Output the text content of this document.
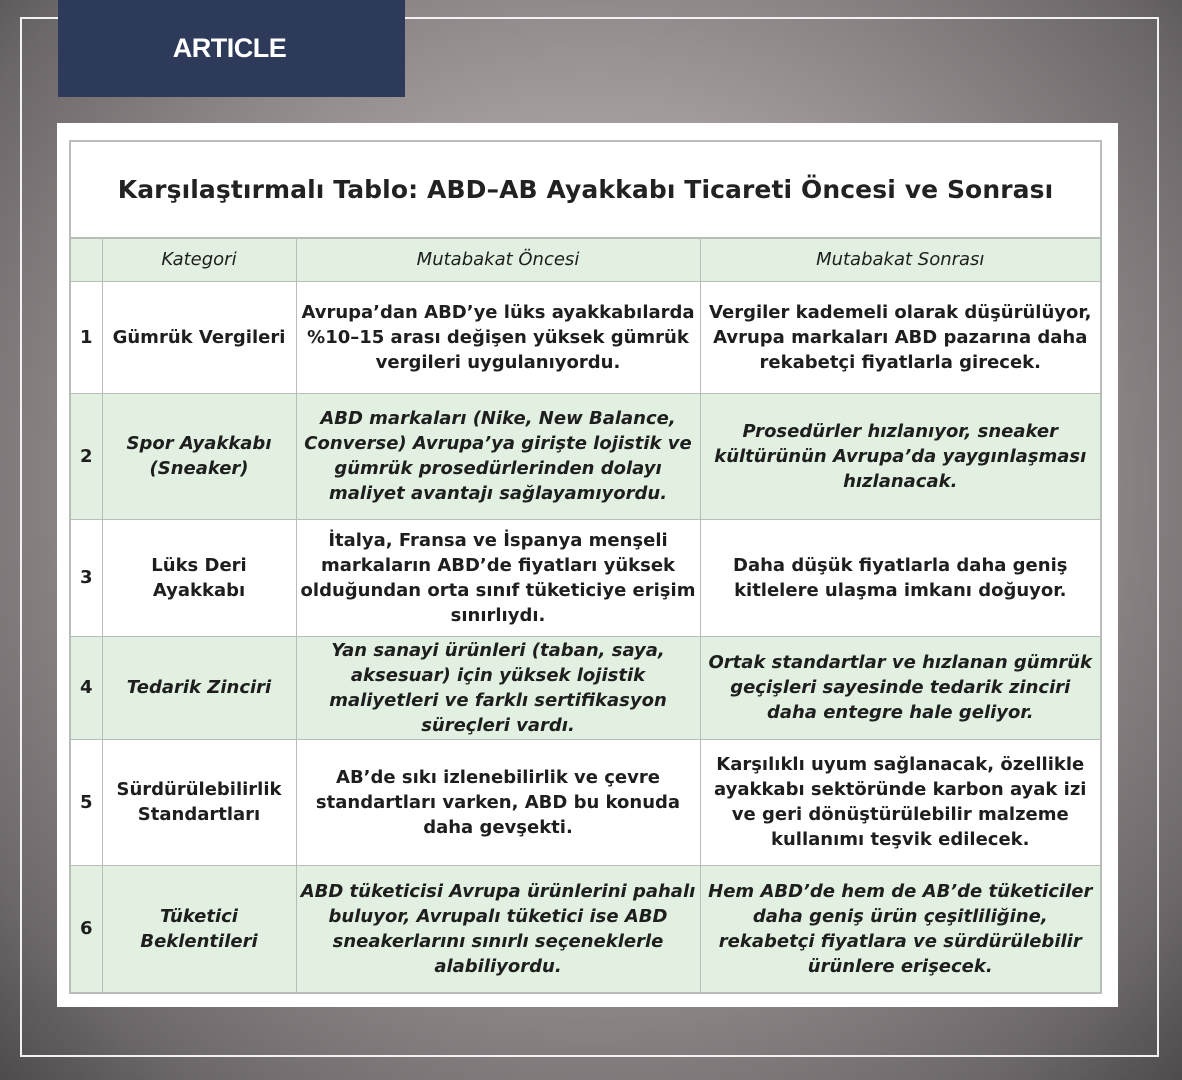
ARTICLE
Karşılaştırmalı Tablo: ABD–AB Ayakkabı Ticareti Öncesi ve Sonrası
	Kategori	Mutabakat Öncesi	Mutabakat Sonrası
1	Gümrük Vergileri	Avrupa’dan ABD’ye lüks ayakkabılarda %10–15 arası değişen yüksek gümrük vergileri uygulanıyordu.	Vergiler kademeli olarak düşürülüyor, Avrupa markaları ABD pazarına daha rekabetçi fiyatlarla girecek.
2	Spor Ayakkabı (Sneaker)	ABD markaları (Nike, New Balance, Converse) Avrupa’ya girişte lojistik ve gümrük prosedürlerinden dolayı maliyet avantajı sağlayamıyordu.	Prosedürler hızlanıyor, sneaker kültürünün Avrupa’da yaygınlaşması hızlanacak.
3	Lüks Deri Ayakkabı	İtalya, Fransa ve İspanya menşeli markaların ABD’de fiyatları yüksek olduğundan orta sınıf tüketiciye erişim sınırlıydı.	Daha düşük fiyatlarla daha geniş kitlelere ulaşma imkanı doğuyor.
4	Tedarik Zinciri	Yan sanayi ürünleri (taban, saya, aksesuar) için yüksek lojistik maliyetleri ve farklı sertifikasyon süreçleri vardı.	Ortak standartlar ve hızlanan gümrük geçişleri sayesinde tedarik zinciri daha entegre hale geliyor.
5	Sürdürülebilirlik Standartları	AB’de sıkı izlenebilirlik ve çevre standartları varken, ABD bu konuda daha gevşekti.	Karşılıklı uyum sağlanacak, özellikle ayakkabı sektöründe karbon ayak izi ve geri dönüştürülebilir malzeme kullanımı teşvik edilecek.
6	Tüketici Beklentileri	ABD tüketicisi Avrupa ürünlerini pahalı buluyor, Avrupalı tüketici ise ABD sneakerlarını sınırlı seçeneklerle alabiliyordu.	Hem ABD’de hem de AB’de tüketiciler daha geniş ürün çeşitliliğine, rekabetçi fiyatlara ve sürdürülebilir ürünlere erişecek.
